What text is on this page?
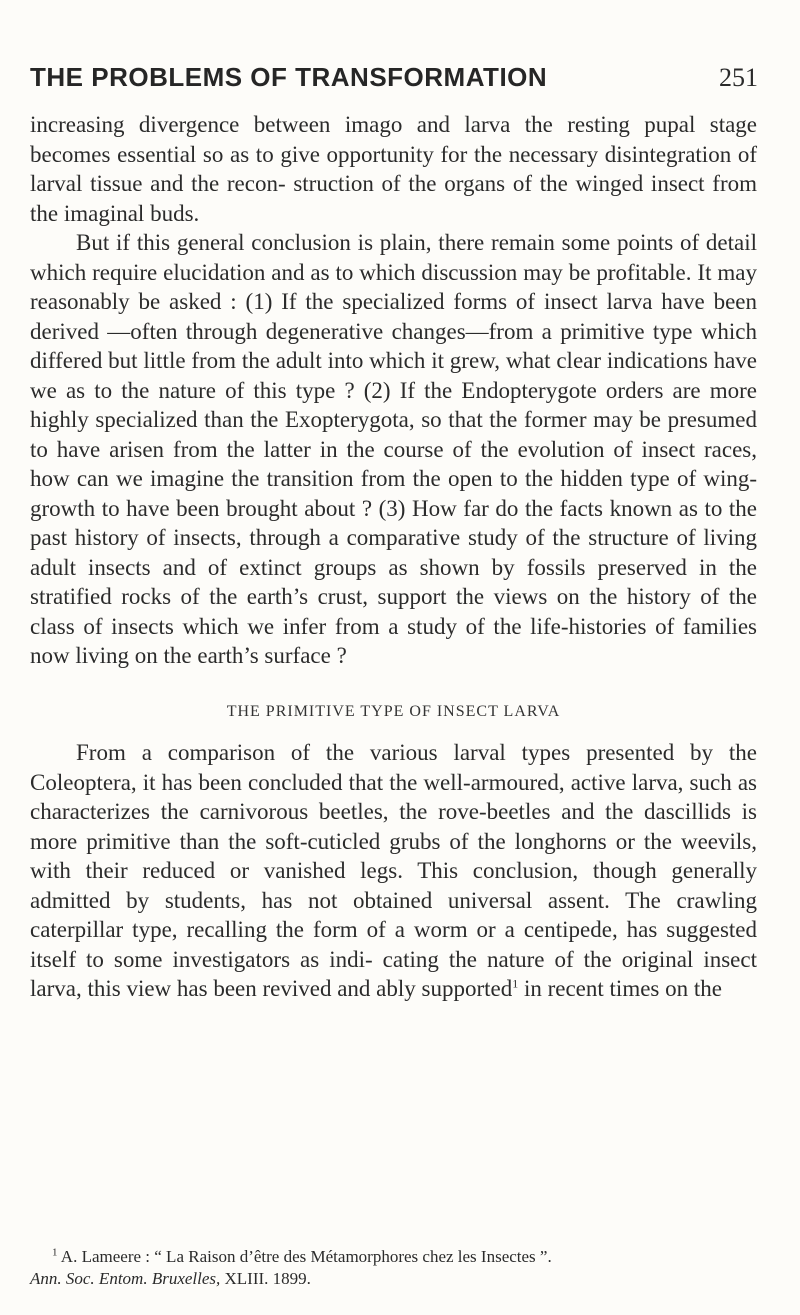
THE PROBLEMS OF TRANSFORMATION	251

increasing divergence between imago and larva the resting pupal stage becomes essential so as to give opportunity for the necessary disintegration of larval tissue and the recon- struction of the organs of the winged insect from the imaginal buds.

But if this general conclusion is plain, there remain some points of detail which require elucidation and as to which discussion may be profitable. It may reasonably be asked : (1) If the specialized forms of insect larva have been derived —often through degenerative changes—from a primitive type which differed but little from the adult into which it grew, what clear indications have we as to the nature of this type ? (2) If the Endopterygote orders are more highly specialized than the Exopterygota, so that the former may be presumed to have arisen from the latter in the course of the evolution of insect races, how can we imagine the transition from the open to the hidden type of wing-growth to have been brought about ? (3) How far do the facts known as to the past history of insects, through a comparative study of the structure of living adult insects and of extinct groups as shown by fossils preserved in the stratified rocks of the earth’s crust, support the views on the history of the class of insects which we infer from a study of the life-histories of families now living on the earth’s surface ?

THE PRIMITIVE TYPE OF INSECT LARVA

From a comparison of the various larval types presented by the Coleoptera, it has been concluded that the well-armoured, active larva, such as characterizes the carnivorous beetles, the rove-beetles and the dascillids is more primitive than the soft-cuticled grubs of the longhorns or the weevils, with their reduced or vanished legs. This conclusion, though generally admitted by students, has not obtained universal assent. The crawling caterpillar type, recalling the form of a worm or a centipede, has suggested itself to some investigators as indi- cating the nature of the original insect larva, this view has been revived and ably supported$^1$ in recent times on the

$^1$ A. Lameere : “ La Raison d’être des Métamorphores chez les Insectes ”.
Ann. Soc. Entom. Bruxelles, XLIII. 1899.
